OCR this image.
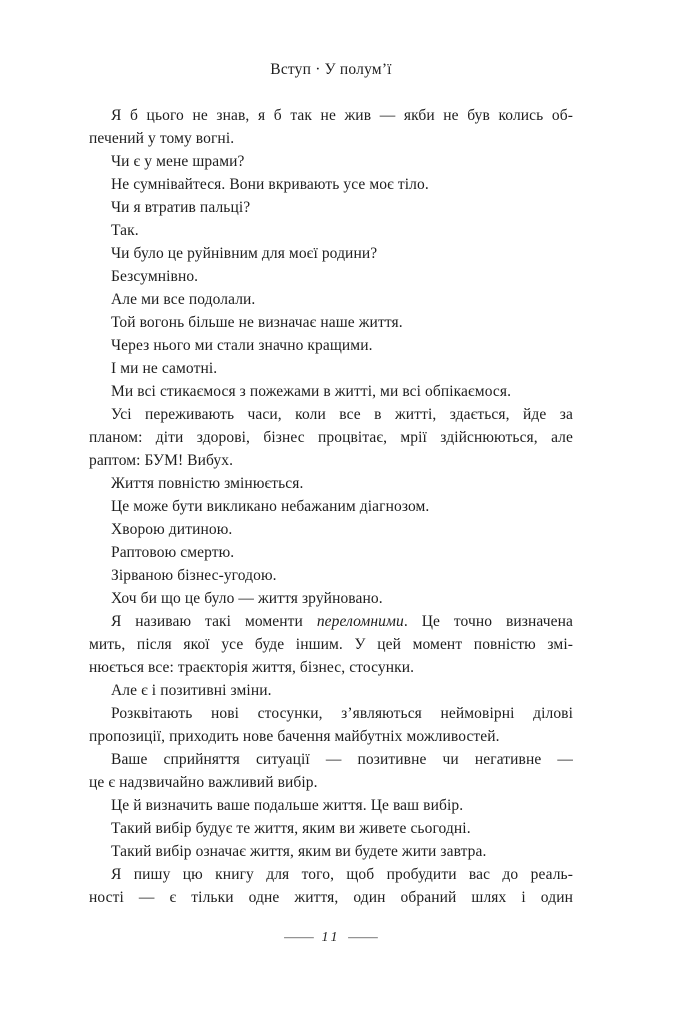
Вступ · У полум’ї
Я б цього не знав, я б так не жив — якби не був колись об-
печений у тому вогні.
Чи є у мене шрами?
Не сумнівайтеся. Вони вкривають усе моє тіло.
Чи я втратив пальці?
Так.
Чи було це руйнівним для моєї родини?
Безсумнівно.
Але ми все подолали.
Той вогонь більше не визначає наше життя.
Через нього ми стали значно кращими.
І ми не самотні.
Ми всі стикаємося з пожежами в житті, ми всі обпікаємося.
Усі переживають часи, коли все в житті, здається, йде за
планом: діти здорові, бізнес процвітає, мрії здійснюються, але
раптом: БУМ! Вибух.
Життя повністю змінюється.
Це може бути викликано небажаним діагнозом.
Хворою дитиною.
Раптовою смертю.
Зірваною бізнес-угодою.
Хоч би що це було — життя зруйновано.
Я називаю такі моменти переломними. Це точно визначена
мить, після якої усе буде іншим. У цей момент повністю змі-
нюється все: траєкторія життя, бізнес, стосунки.
Але є і позитивні зміни.
Розквітають нові стосунки, з’являються неймовірні ділові
пропозиції, приходить нове бачення майбутніх можливостей.
Ваше сприйняття ситуації — позитивне чи негативне —
це є надзвичайно важливий вибір.
Це й визначить ваше подальше життя. Це ваш вибір.
Такий вибір будує те життя, яким ви живете сьогодні.
Такий вибір означає життя, яким ви будете жити завтра.
Я пишу цю книгу для того, щоб пробудити вас до реаль-
ності — є тільки одне життя, один обраний шлях і один
— 11 —
